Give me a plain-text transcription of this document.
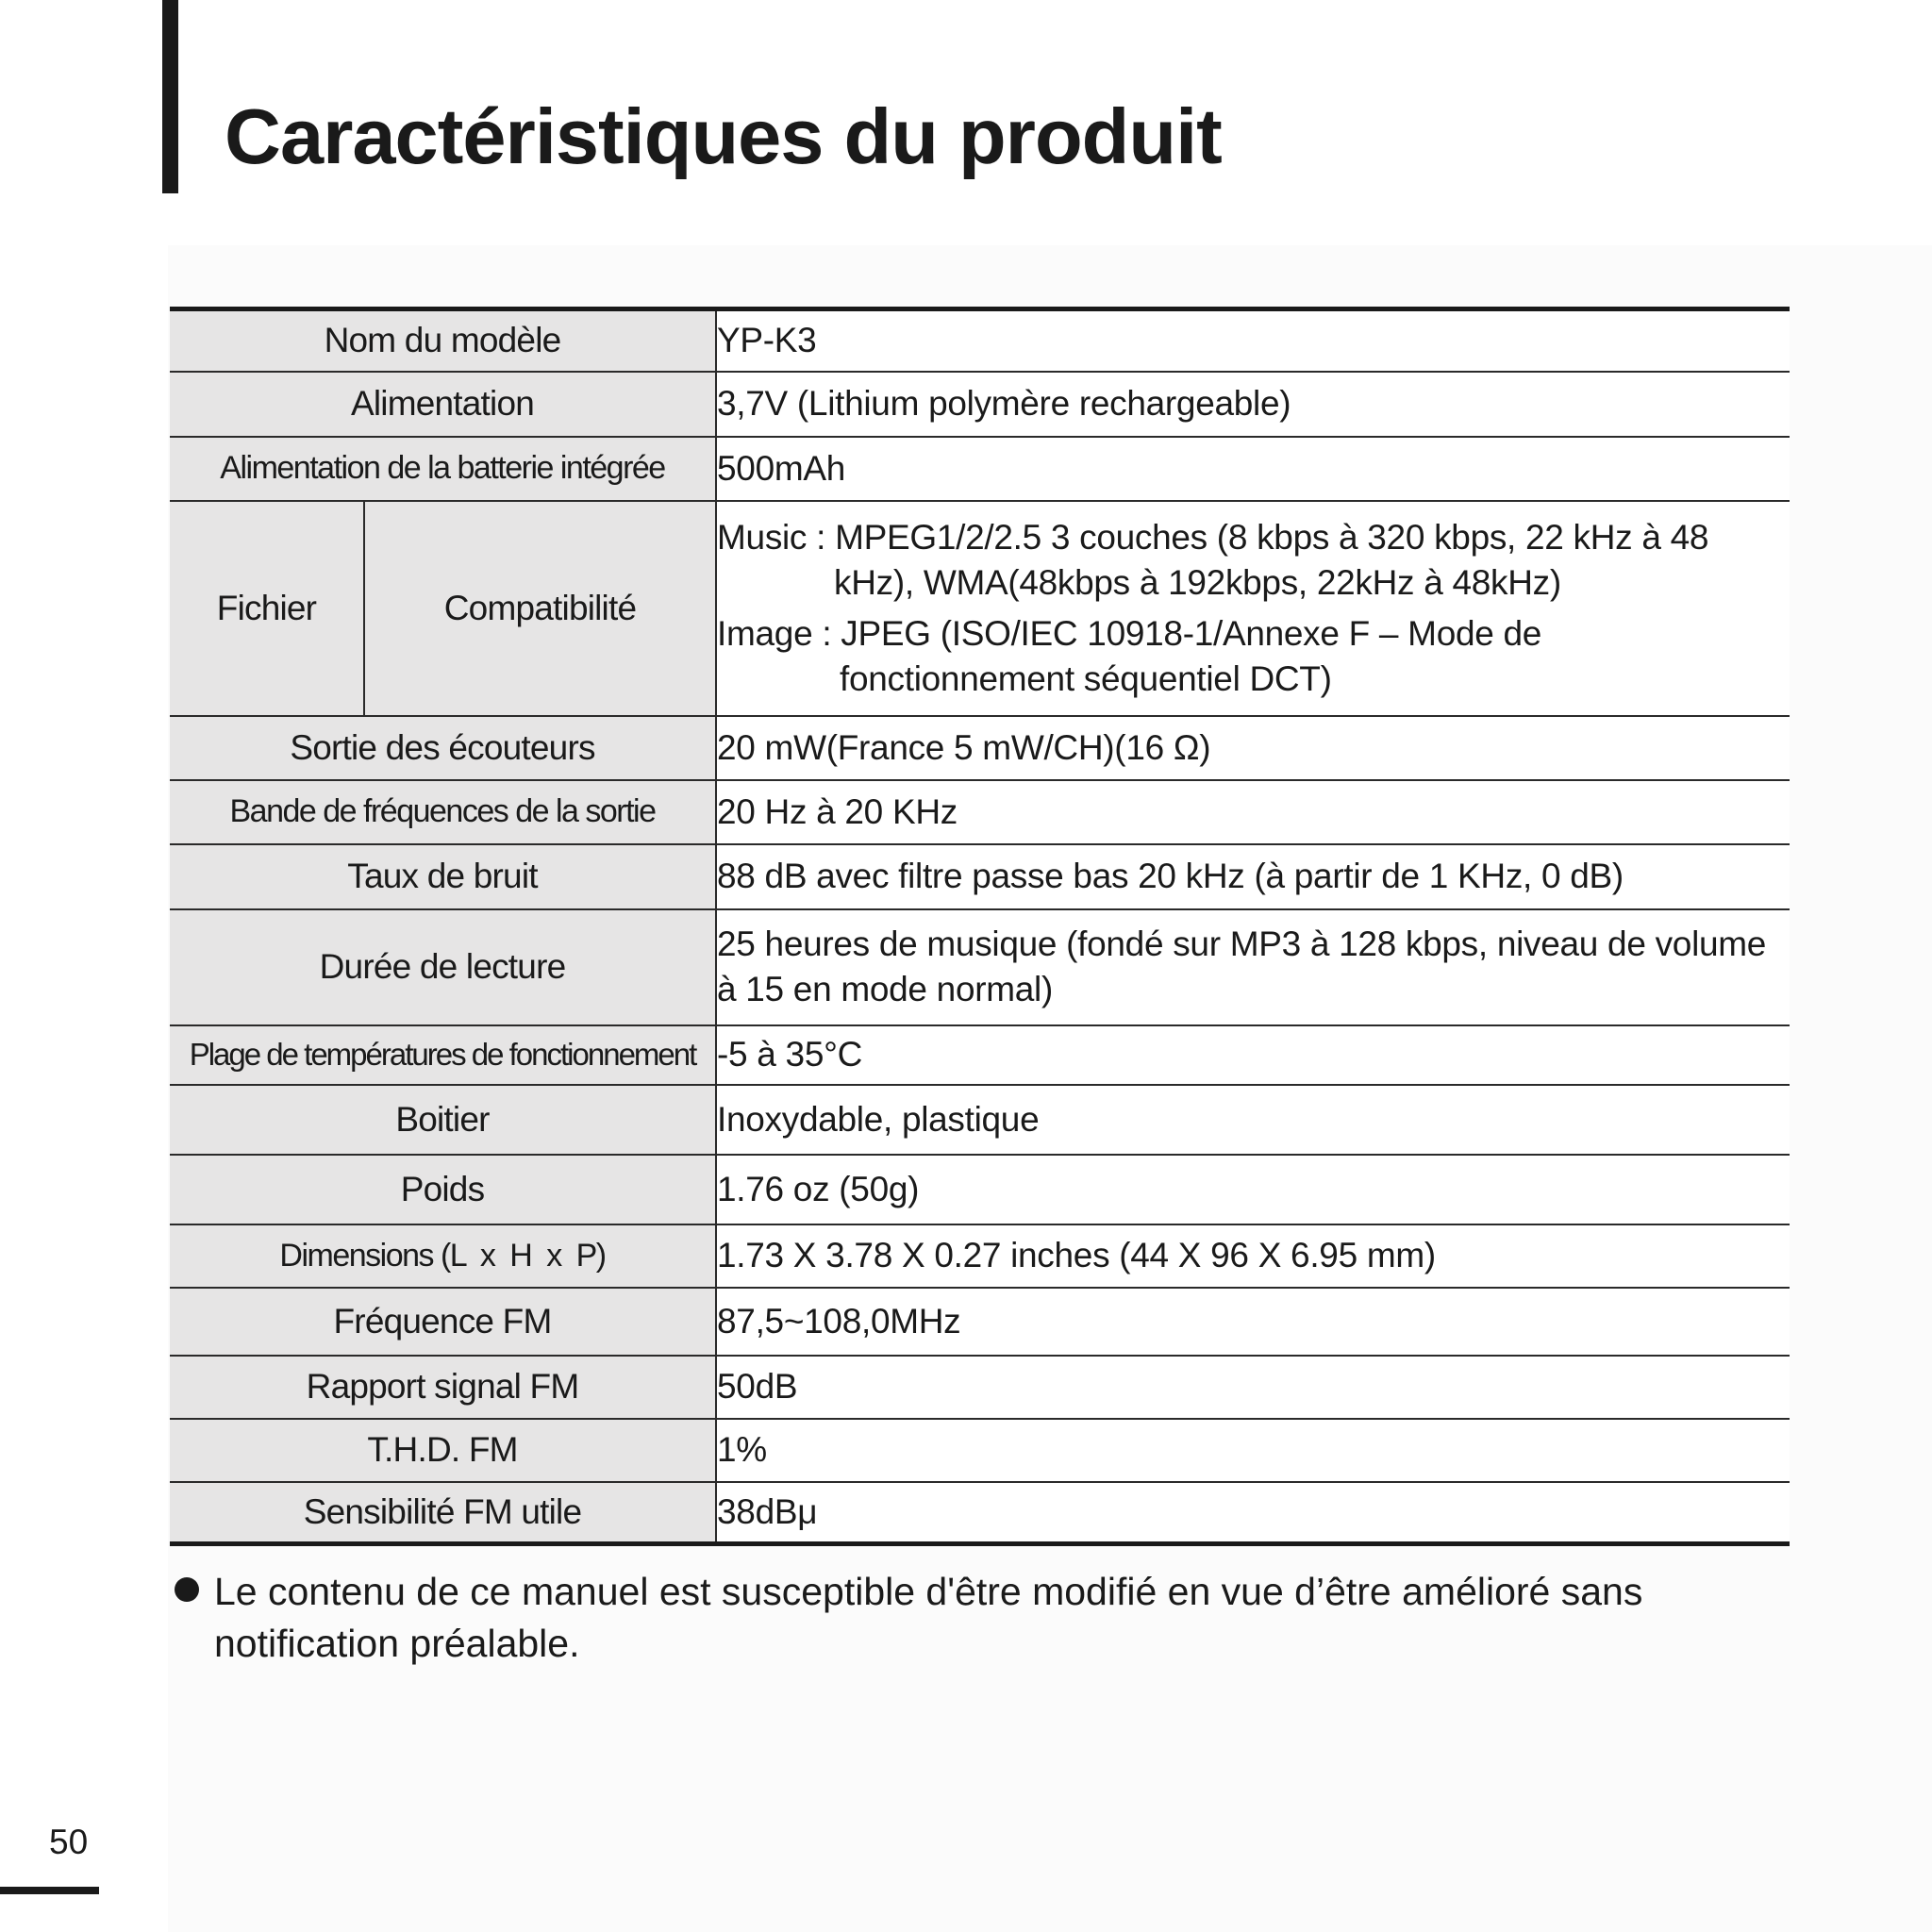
Caractéristiques du produit
Nom du modèle		YP-K3
Alimentation		3,7V (Lithium polymère rechargeable)
Alimentation de la batterie intégrée		500mAh
Fichier	Compatibilité	Music : MPEG1/2/2.5 3 couches (8 kbps à 320 kbps, 22 kHz à 48
kHz), WMA(48kbps à 192kbps, 22kHz à 48kHz)
Image : JPEG (ISO/IEC 10918-1/Annexe F – Mode de
fonctionnement séquentiel DCT)

Sortie des écouteurs		20 mW(France 5 mW/CH)(16 Ω)
Bande de fréquences de la sortie		20 Hz à 20 KHz
Taux de bruit		88 dB avec filtre passe bas 20 kHz (à partir de 1 KHz, 0 dB)
Durée de lecture		25 heures de musique (fondé sur MP3 à 128 kbps, niveau de volume
à 15 en mode normal)

Plage de températures de fonctionnement		-5 à 35°C
Boitier		Inoxydable, plastique
Poids		1.76 oz (50g)
Dimensions (L  x  H  x  P)		1.73 X 3.78 X 0.27 inches (44 X 96 X 6.95 mm)
Fréquence FM		87,5~108,0MHz
Rapport signal FM		50dB
T.H.D. FM		1%
Sensibilité FM utile		38dBμ
Le contenu de ce manuel est susceptible d'être modifié en vue d’être amélioré sans notification préalable.
50
